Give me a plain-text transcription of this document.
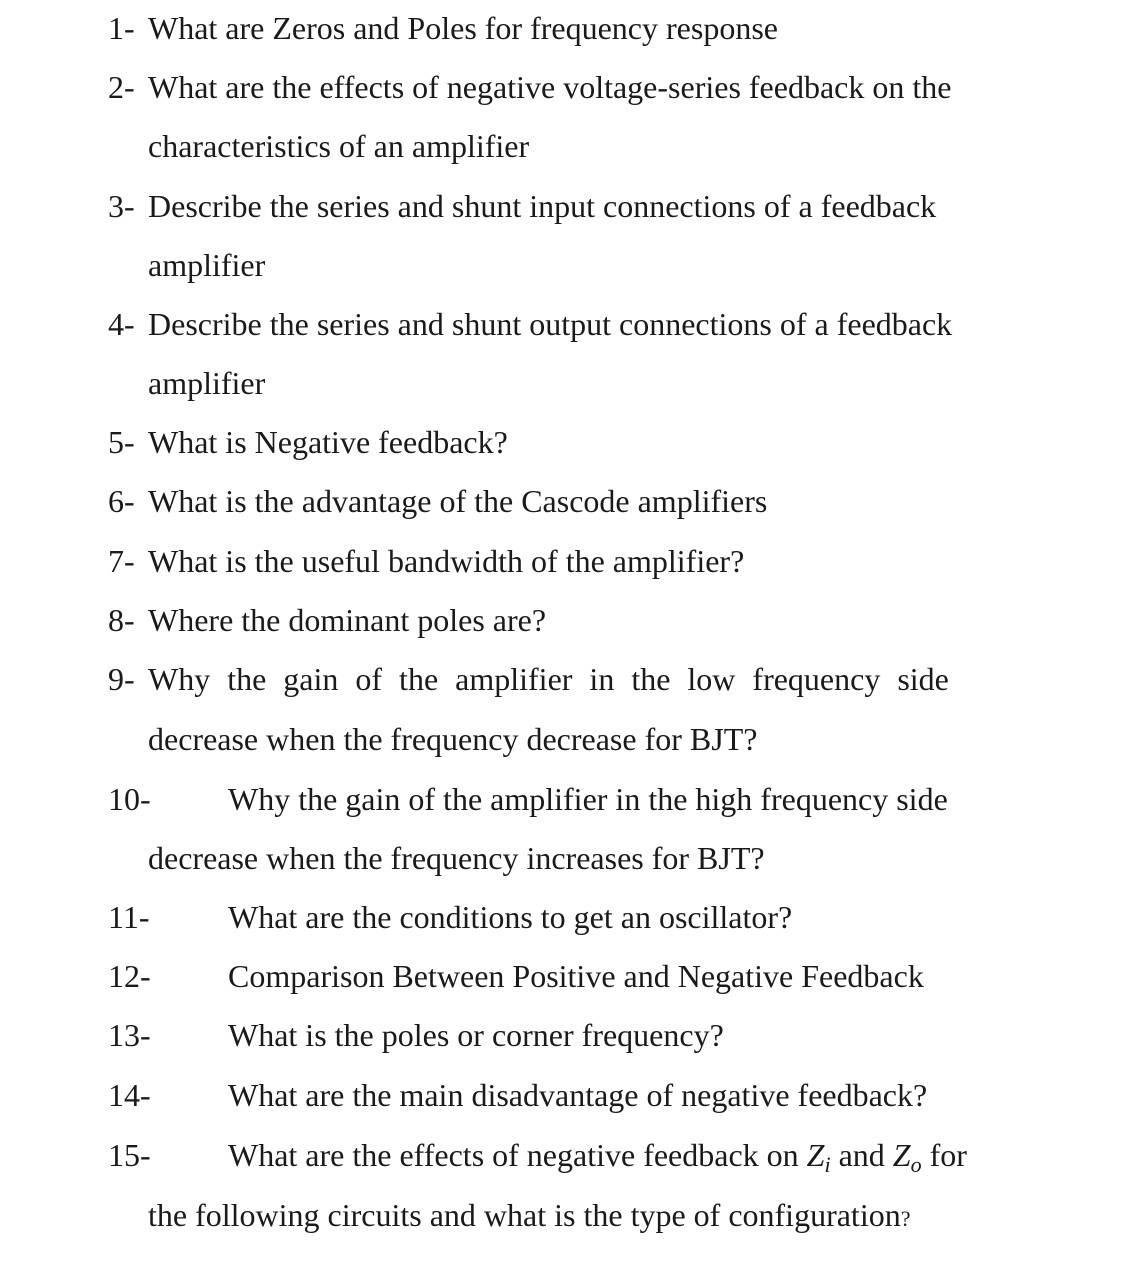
1- What are Zeros and Poles for frequency response
2- What are the effects of negative voltage-series feedback on the
characteristics of an amplifier
3- Describe the series and shunt input connections of a feedback
amplifier
4- Describe the series and shunt output connections of a feedback
amplifier
5- What is Negative feedback?
6- What is the advantage of the Cascode amplifiers
7- What is the useful bandwidth of the amplifier?
8- Where the dominant poles are?
9- Why the gain of the amplifier in the low frequency side
decrease when the frequency decrease for BJT?
10- Why the gain of the amplifier in the high frequency side
decrease when the frequency increases for BJT?
11- What are the conditions to get an oscillator?
12- Comparison Between Positive and Negative Feedback
13- What is the poles or corner frequency?
14- What are the main disadvantage of negative feedback?
15- What are the effects of negative feedback on $Z_i$ and $Z_o$ for
the following circuits and what is the type of configuration?
